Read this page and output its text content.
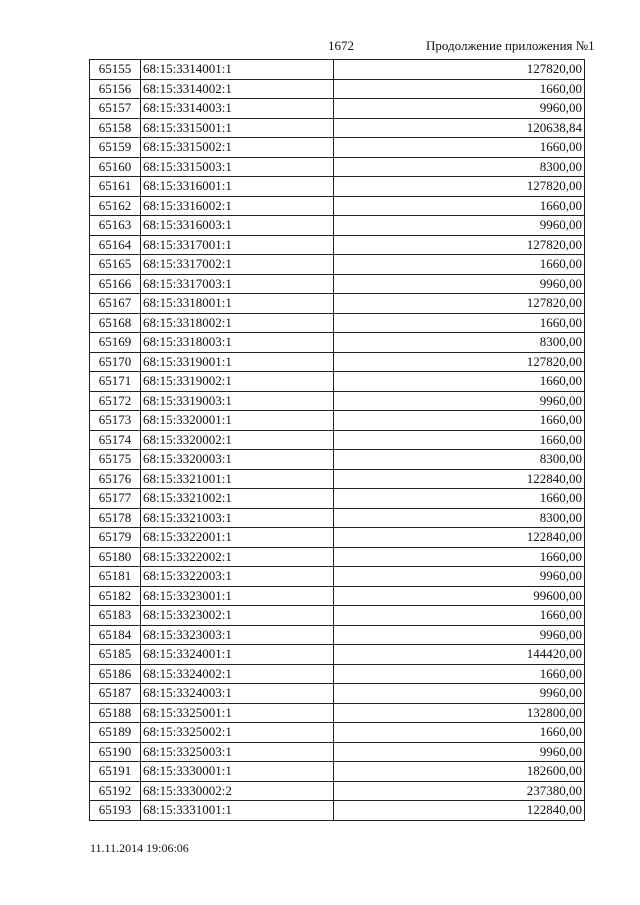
1672	Продолжение приложения №1
65155	68:15:3314001:1	127820,00
65156	68:15:3314002:1	1660,00
65157	68:15:3314003:1	9960,00
65158	68:15:3315001:1	120638,84
65159	68:15:3315002:1	1660,00
65160	68:15:3315003:1	8300,00
65161	68:15:3316001:1	127820,00
65162	68:15:3316002:1	1660,00
65163	68:15:3316003:1	9960,00
65164	68:15:3317001:1	127820,00
65165	68:15:3317002:1	1660,00
65166	68:15:3317003:1	9960,00
65167	68:15:3318001:1	127820,00
65168	68:15:3318002:1	1660,00
65169	68:15:3318003:1	8300,00
65170	68:15:3319001:1	127820,00
65171	68:15:3319002:1	1660,00
65172	68:15:3319003:1	9960,00
65173	68:15:3320001:1	1660,00
65174	68:15:3320002:1	1660,00
65175	68:15:3320003:1	8300,00
65176	68:15:3321001:1	122840,00
65177	68:15:3321002:1	1660,00
65178	68:15:3321003:1	8300,00
65179	68:15:3322001:1	122840,00
65180	68:15:3322002:1	1660,00
65181	68:15:3322003:1	9960,00
65182	68:15:3323001:1	99600,00
65183	68:15:3323002:1	1660,00
65184	68:15:3323003:1	9960,00
65185	68:15:3324001:1	144420,00
65186	68:15:3324002:1	1660,00
65187	68:15:3324003:1	9960,00
65188	68:15:3325001:1	132800,00
65189	68:15:3325002:1	1660,00
65190	68:15:3325003:1	9960,00
65191	68:15:3330001:1	182600,00
65192	68:15:3330002:2	237380,00
65193	68:15:3331001:1	122840,00
11.11.2014 19:06:06
